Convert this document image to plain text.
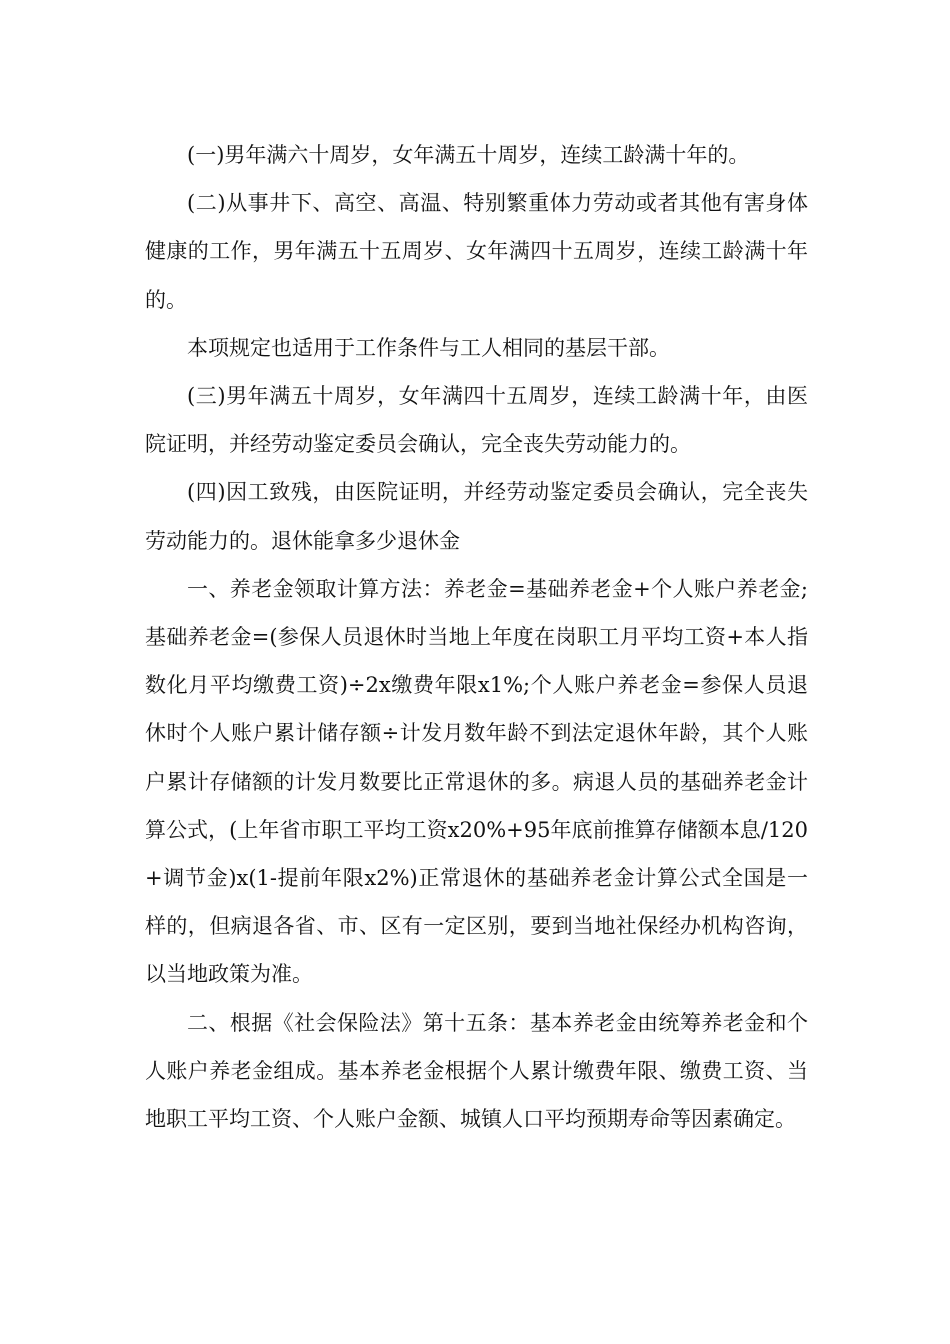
(一)男年满六十周岁，女年满五十周岁，连续工龄满十年的。

(二)从事井下、高空、高温、特别繁重体力劳动或者其他有害身体健康的工作，男年满五十五周岁、女年满四十五周岁，连续工龄满十年的。

本项规定也适用于工作条件与工人相同的基层干部。

(三)男年满五十周岁，女年满四十五周岁，连续工龄满十年，由医院证明，并经劳动鉴定委员会确认，完全丧失劳动能力的。

(四)因工致残，由医院证明，并经劳动鉴定委员会确认，完全丧失劳动能力的。退休能拿多少退休金

一、养老金领取计算方法：养老金=基础养老金+个人账户养老金;基础养老金=(参保人员退休时当地上年度在岗职工月平均工资+本人指数化月平均缴费工资)÷2x缴费年限x1%;个人账户养老金=参保人员退休时个人账户累计储存额÷计发月数年龄不到法定退休年龄，其个人账户累计存储额的计发月数要比正常退休的多。病退人员的基础养老金计算公式，(上年省市职工平均工资x20%+95年底前推算存储额本息/120+调节金)x(1-提前年限x2%)正常退休的基础养老金计算公式全国是一样的，但病退各省、市、区有一定区别，要到当地社保经办机构咨询，以当地政策为准。

二、根据《社会保险法》第十五条：基本养老金由统筹养老金和个人账户养老金组成。基本养老金根据个人累计缴费年限、缴费工资、当地职工平均工资、个人账户金额、城镇人口平均预期寿命等因素确定。
